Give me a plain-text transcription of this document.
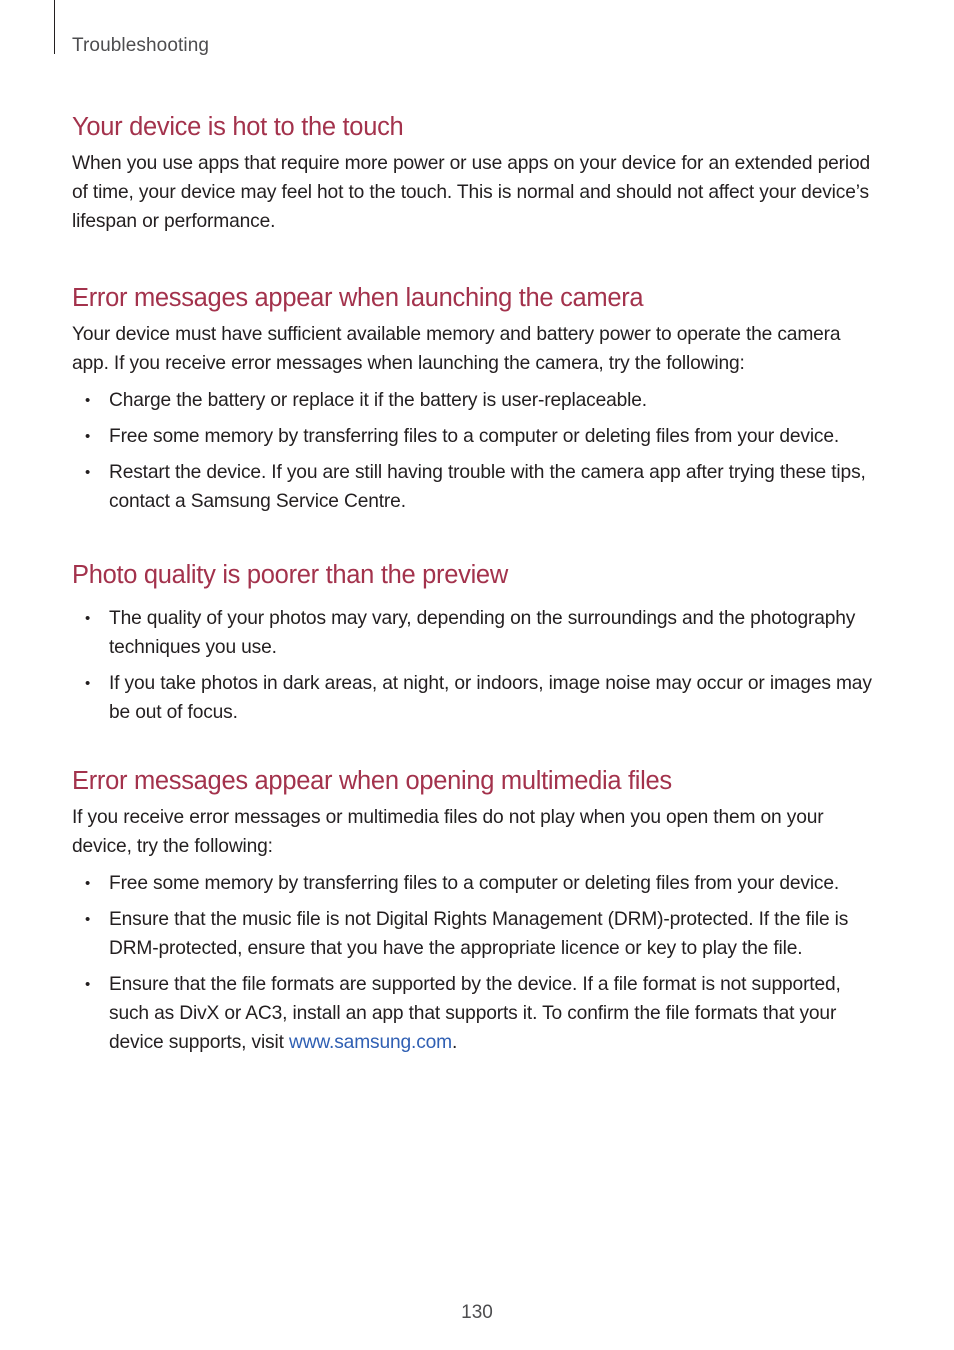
Troubleshooting
Your device is hot to the touch

When you use apps that require more power or use apps on your device for an extended period of time, your device may feel hot to the touch. This is normal and should not affect your device’s lifespan or performance.

Error messages appear when launching the camera

Your device must have sufficient available memory and battery power to operate the camera app. If you receive error messages when launching the camera, try the following:

• Charge the battery or replace it if the battery is user-replaceable.
• Free some memory by transferring files to a computer or deleting files from your device.
• Restart the device. If you are still having trouble with the camera app after trying these tips, contact a Samsung Service Centre.
Photo quality is poorer than the preview
• The quality of your photos may vary, depending on the surroundings and the photography techniques you use.
• If you take photos in dark areas, at night, or indoors, image noise may occur or images may be out of focus.
Error messages appear when opening multimedia files

If you receive error messages or multimedia files do not play when you open them on your device, try the following:

• Free some memory by transferring files to a computer or deleting files from your device.
• Ensure that the music file is not Digital Rights Management (DRM)-protected. If the file is DRM-protected, ensure that you have the appropriate licence or key to play the file.
• Ensure that the file formats are supported by the device. If a file format is not supported, such as DivX or AC3, install an app that supports it. To confirm the file formats that your device supports, visit www.samsung.com.
130
